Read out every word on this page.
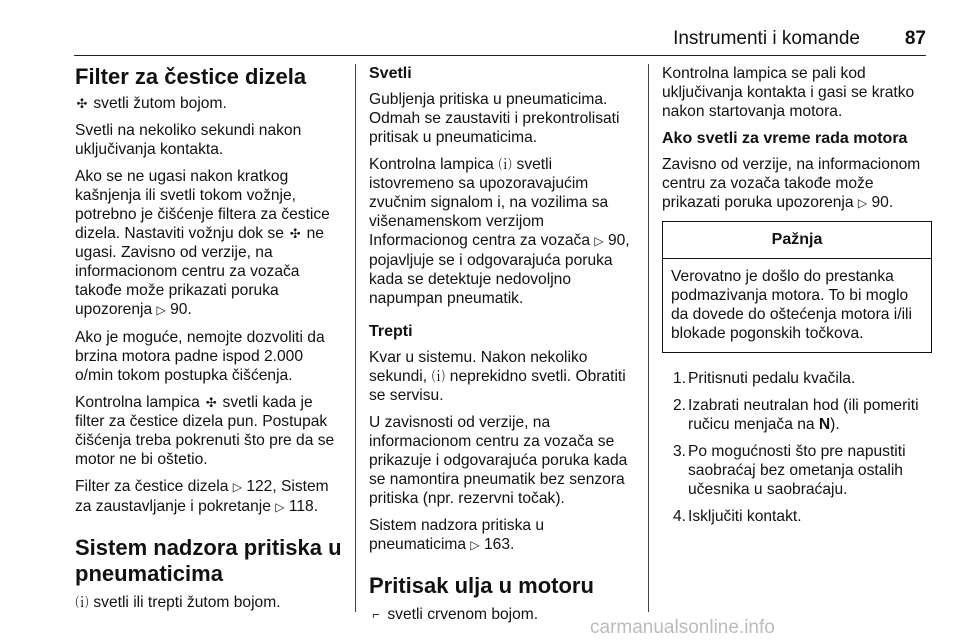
Instrumenti i komande 87
Filter za čestice dizela

✣ svetli žutom bojom.

Svetli na nekoliko sekundi nakon uključivanja kontakta.

Ako se ne ugasi nakon kratkog kašnjenja ili svetli tokom vožnje, potrebno je čišćenje filtera za čestice dizela. Nastaviti vožnju dok se ✣ ne ugasi. Zavisno od verzije, na informacionom centru za vozača takođe može prikazati poruka upozorenja ▷ 90.

Ako je moguće, nemojte dozvoliti da brzina motora padne ispod 2.000 o/min tokom postupka čišćenja.

Kontrolna lampica ✣ svetli kada je filter za čestice dizela pun. Postupak čišćenja treba pokrenuti što pre da se motor ne bi oštetio.

Filter za čestice dizela ▷ 122, Sistem za zaustavljanje i pokretanje ▷ 118.

Sistem nadzora pritiska u pneumaticima

⒤ svetli ili trepti žutom bojom.

Svetli

Gubljenja pritiska u pneumaticima. Odmah se zaustaviti i prekontrolisati pritisak u pneumaticima.

Kontrolna lampica ⒤ svetli istovremeno sa upozoravajućim zvučnim signalom i, na vozilima sa višenamenskom verzijom Informacionog centra za vozača ▷ 90, pojavljuje se i odgovarajuća poruka kada se detektuje nedovoljno napumpan pneumatik.

Trepti

Kvar u sistemu. Nakon nekoliko sekundi, ⒤ neprekidno svetli. Obratiti se servisu.

U zavisnosti od verzije, na informacionom centru za vozača se prikazuje i odgovarajuća poruka kada se namontira pneumatik bez senzora pritiska (npr. rezervni točak).

Sistem nadzora pritiska u pneumaticima ▷ 163.

Pritisak ulja u motoru

⌐ svetli crvenom bojom.

Kontrolna lampica se pali kod uključivanja kontakta i gasi se kratko nakon startovanja motora.

Ako svetli za vreme rada motora

Zavisno od verzije, na informacionom centru za vozača takođe može prikazati poruka upozorenja ▷ 90.

Pažnja
Verovatno je došlo do prestanka podmazivanja motora. To bi moglo da dovede do oštećenja motora i/ili blokade pogonskih točkova.
1. Pritisnuti pedalu kvačila.
2. Izabrati neutralan hod (ili pomeriti ručicu menjača na N).
3. Po mogućnosti što pre napustiti saobraćaj bez ometanja ostalih učesnika u saobraćaju.
4. Isključiti kontakt.
carmanualsonline.info
